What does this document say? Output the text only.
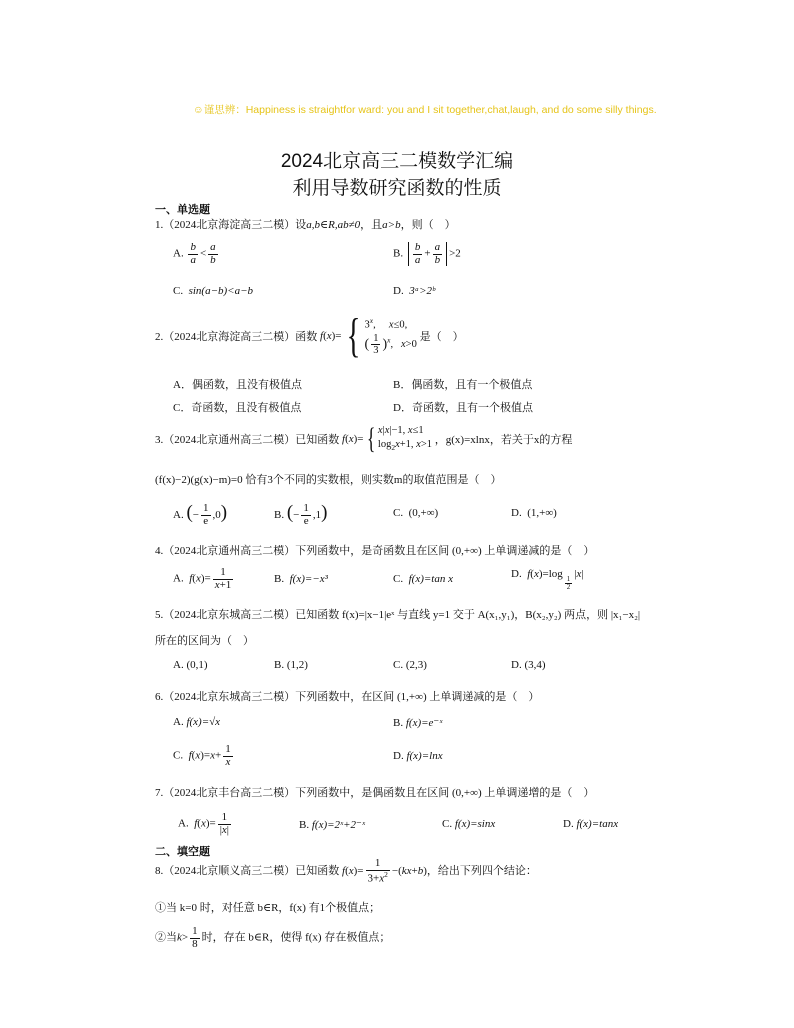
☺谨思辨：Happiness is straightfor ward: you and I sit together,chat,laugh, and do some silly things.
2024北京高三二模数学汇编
利用导数研究函数的性质
一、单选题
1.（2024北京海淀高三二模）设a,b∈R,ab≠0，且a>b，则（　）
A. $\frac{b}{a} < \frac{a}{b}$	B. $\frac{b}{a} + \frac{a}{b} >2$
C. sin(a−b)<a−b	D. 3ᵃ>2ᵇ
2.（2024北京海淀高三二模）函数 f(x)={ 3$^x$,     x≤0,
( $\frac{1}{3} )^x$,   x>0
是（　）
A．偶函数，且没有极值点	B．偶函数，且有一个极值点
C．奇函数，且没有极值点	D．奇函数，且有一个极值点
3.（2024北京通州高三二模）已知函数 f(x)={ x|x|−1, x≤1
$\log_2x+1$, x>1 ，g(x)=xlnx，若关于x的方程
(f(x)−2)(g(x)−m)=0 恰有3个不同的实数根，则实数m的取值范围是（　）
A. (− $\frac{1}{e} ,0$)	B. (− $\frac{1}{e} ,1$)	C. (0,+∞)	D. (1,+∞)
4.（2024北京通州高三二模）下列函数中，是奇函数且在区间 (0,+∞) 上单调递减的是（　）
A. $f(x)= \frac{1}{x+1}$	B. f(x)=−x³	C. f(x)=tan x	D. f(x)=log
$_{\frac{1}{2}}$
|x|
5.（2024北京东城高三二模）已知函数 f(x)=|x−1|eˣ 与直线 y=1 交于 A(x₁,y₁)，B(x₂,y₂) 两点，则 |x₁−x₂|
所在的区间为（　）
A. (0,1)	B. (1,2)	C. (2,3)	D. (3,4)
6.（2024北京东城高三二模）下列函数中，在区间 (1,+∞) 上单调递减的是（　）
A. f(x)=√x	B. f(x)=e⁻ˣ
C. $f(x)=x+ \frac{1}{x}$	D. f(x)=lnx
7.（2024北京丰台高三二模）下列函数中，是偶函数且在区间 (0,+∞) 上单调递增的是（　）
A. $f(x)= \frac{1}{|x|}$	B. f(x)=2ˣ+2⁻ˣ	C. f(x)=sinx	D. f(x)=tanx
二、填空题
8.（2024北京顺义高三二模）已知函数 $f(x)= \frac{1}{3+x^2} -(kx+b)$，给出下列四个结论：
①当 k=0 时，对任意 b∈R，f(x) 有1个极值点；
②当$k> \frac{1}{8}$ 时，存在 b∈R，使得 f(x) 存在极值点；
